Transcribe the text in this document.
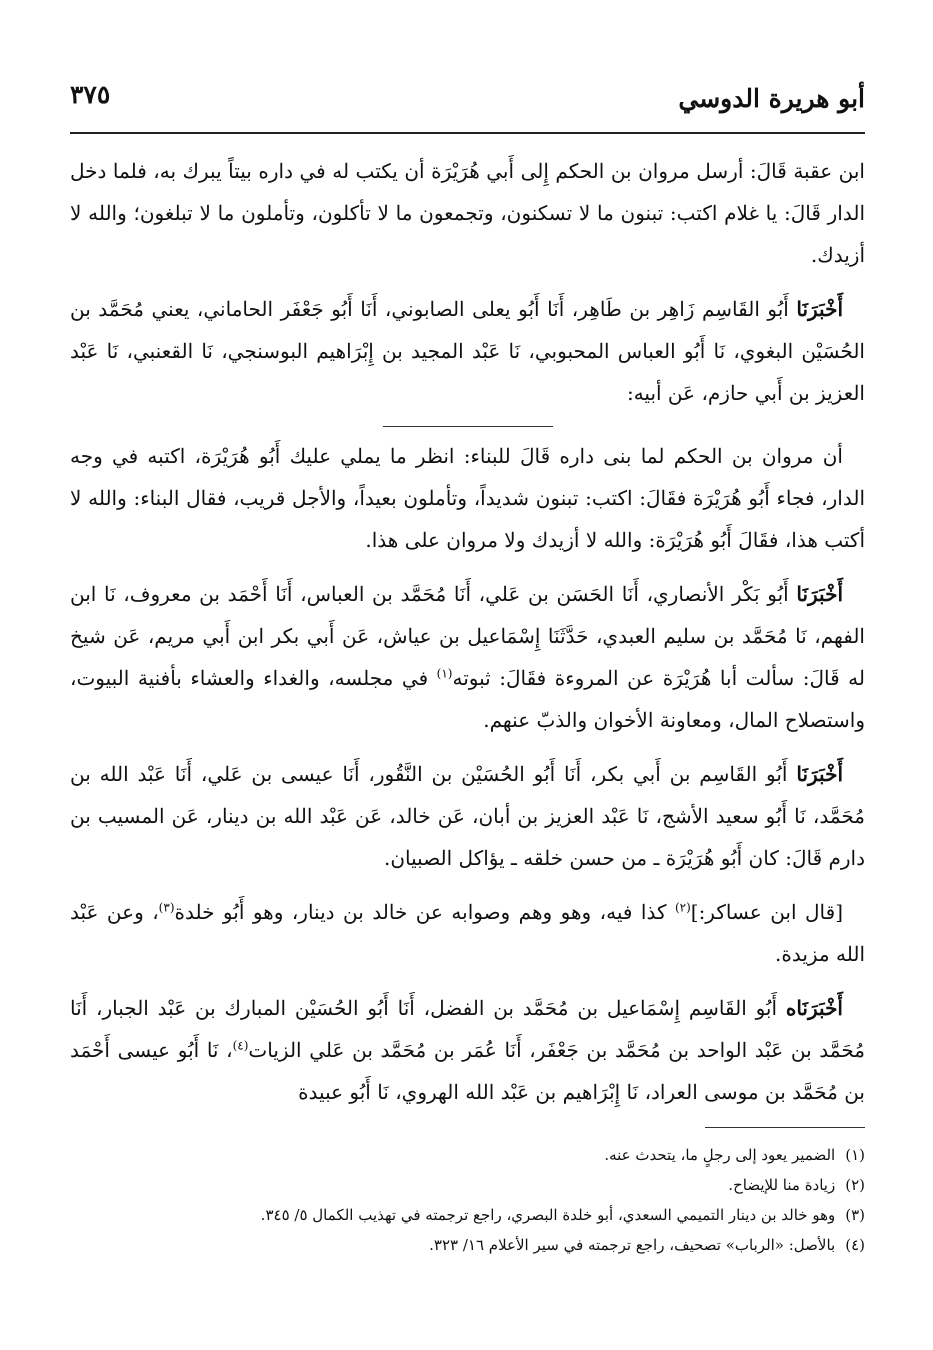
أبو هريرة الدوسي
٣٧٥

ابن عقبة قَالَ: أرسل مروان بن الحكم إِلى أَبي هُرَيْرَة أن يكتب له في داره بيتاً يبرك به، فلما دخل الدار قَالَ: يا غلام اكتب: تبنون ما لا تسكنون، وتجمعون ما لا تأكلون، وتأملون ما لا تبلغون؛ والله لا أزيدك.

أَخْبَرَنَا أَبُو القَاسِم زَاهِر بن طَاهِر، أَنَا أَبُو يعلى الصابوني، أَنَا أَبُو جَعْفَر الحاماني، يعني مُحَمَّد بن الحُسَيْن البغوي، نَا أَبُو العباس المحبوبي، نَا عَبْد المجيد بن إِبْرَاهيم البوسنجي، نَا القعنبي، نَا عَبْد العزيز بن أَبي حازم، عَن أبيه:

أن مروان بن الحكم لما بنى داره قَالَ للبناء: انظر ما يملي عليك أَبُو هُرَيْرَة، اكتبه في وجه الدار، فجاء أَبُو هُرَيْرَة فقَالَ: اكتب: تبنون شديداً، وتأملون بعيداً، والأجل قريب، فقال البناء: والله لا أكتب هذا، فقَالَ أَبُو هُرَيْرَة: والله لا أزيدك ولا مروان على هذا.

أَخْبَرَنَا أَبُو بَكْر الأنصاري، أَنَا الحَسَن بن عَلي، أَنَا مُحَمَّد بن العباس، أَنَا أَحْمَد بن معروف، نَا ابن الفهم، نَا مُحَمَّد بن سليم العبدي، حَدَّثَنَا إِسْمَاعيل بن عياش، عَن أَبي بكر ابن أَبي مريم، عَن شيخ له قَالَ: سألت أبا هُرَيْرَة عن المروءة فقَالَ: ثبوته$^{(١)}$ في مجلسه، والغداء والعشاء بأفنية البيوت، واستصلاح المال، ومعاونة الأخوان والذبّ عنهم.

أَخْبَرَنَا أَبُو القَاسِم بن أَبي بكر، أَنَا أَبُو الحُسَيْن بن النَّقُور، أَنَا عيسى بن عَلي، أَنَا عَبْد الله بن مُحَمَّد، نَا أَبُو سعيد الأشج، نَا عَبْد العزيز بن أبان، عَن خالد، عَن عَبْد الله بن دينار، عَن المسيب بن دارم قَالَ: كان أَبُو هُرَيْرَة ـ من حسن خلقه ـ يؤاكل الصبيان.

[قال ابن عساكر:]$^{(٢)}$ كذا فيه، وهو وهم وصوابه عن خالد بن دينار، وهو أَبُو خلدة$^{(٣)}$، وعن عَبْد الله مزيدة.

أَخْبَرَنَاه أَبُو القَاسِم إِسْمَاعيل بن مُحَمَّد بن الفضل، أَنَا أَبُو الحُسَيْن المبارك بن عَبْد الجبار، أَنَا مُحَمَّد بن عَبْد الواحد بن مُحَمَّد بن جَعْفَر، أَنَا عُمَر بن مُحَمَّد بن عَلي الزيات$^{(٤)}$، نَا أَبُو عيسى أَحْمَد بن مُحَمَّد بن موسى العراد، نَا إِبْرَاهيم بن عَبْد الله الهروي، نَا أَبُو عبيدة

(١)الضمير يعود إلى رجلٍ ما، يتحدث عنه.
(٢)زيادة منا للإيضاح.
(٣)وهو خالد بن دينار التميمي السعدي، أبو خلدة البصري، راجع ترجمته في تهذيب الكمال ٥/ ٣٤٥.
(٤)بالأصل: «الرباب» تصحيف، راجع ترجمته في سير الأعلام ١٦/ ٣٢٣.
